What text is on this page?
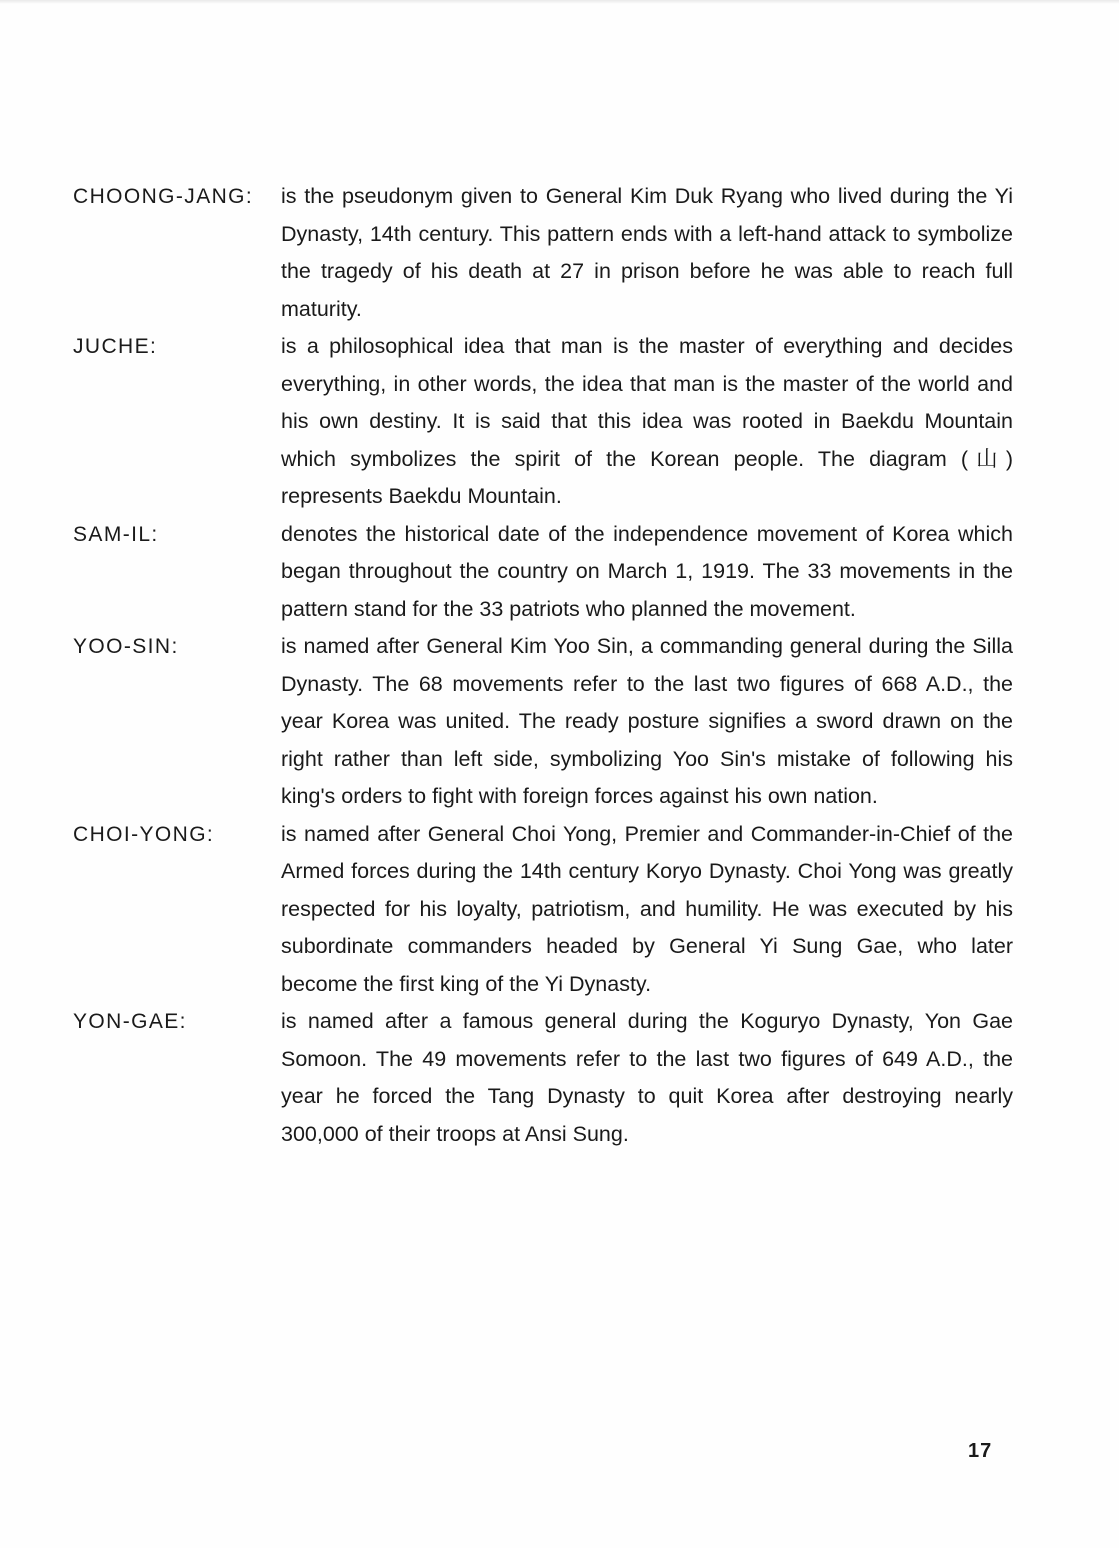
CHOONG-JANG:	is the pseudonym given to General Kim Duk Ryang who lived during the Yi Dynasty, 14th century. This pattern ends with a left-hand attack to symbolize the tragedy of his death at 27 in prison before he was able to reach full maturity.
JUCHE:	is a philosophical idea that man is the master of everything and decides everything, in other words, the idea that man is the master of the world and his own destiny. It is said that this idea was rooted in Baekdu Mountain which symbolizes the spirit of the Korean people. The diagram (山) represents Baekdu Mountain.
SAM-IL:	denotes the historical date of the independence movement of Korea which began throughout the country on March 1, 1919. The 33 movements in the pattern stand for the 33 patriots who planned the movement.
YOO-SIN:	is named after General Kim Yoo Sin, a commanding general during the Silla Dynasty. The 68 movements refer to the last two figures of 668 A.D., the year Korea was united. The ready posture signifies a sword drawn on the right rather than left side, symbolizing Yoo Sin's mistake of following his king's orders to fight with foreign forces against his own nation.
CHOI-YONG:	is named after General Choi Yong, Premier and Commander-in-Chief of the Armed forces during the 14th century Koryo Dynasty. Choi Yong was greatly respected for his loyalty, patriotism, and humility. He was executed by his subordinate commanders headed by General Yi Sung Gae, who later become the first king of the Yi Dynasty.
YON-GAE:	is named after a famous general during the Koguryo Dynasty, Yon Gae Somoon. The 49 movements refer to the last two figures of 649 A.D., the year he forced the Tang Dynasty to quit Korea after destroying nearly 300,000 of their troops at Ansi Sung.
17
